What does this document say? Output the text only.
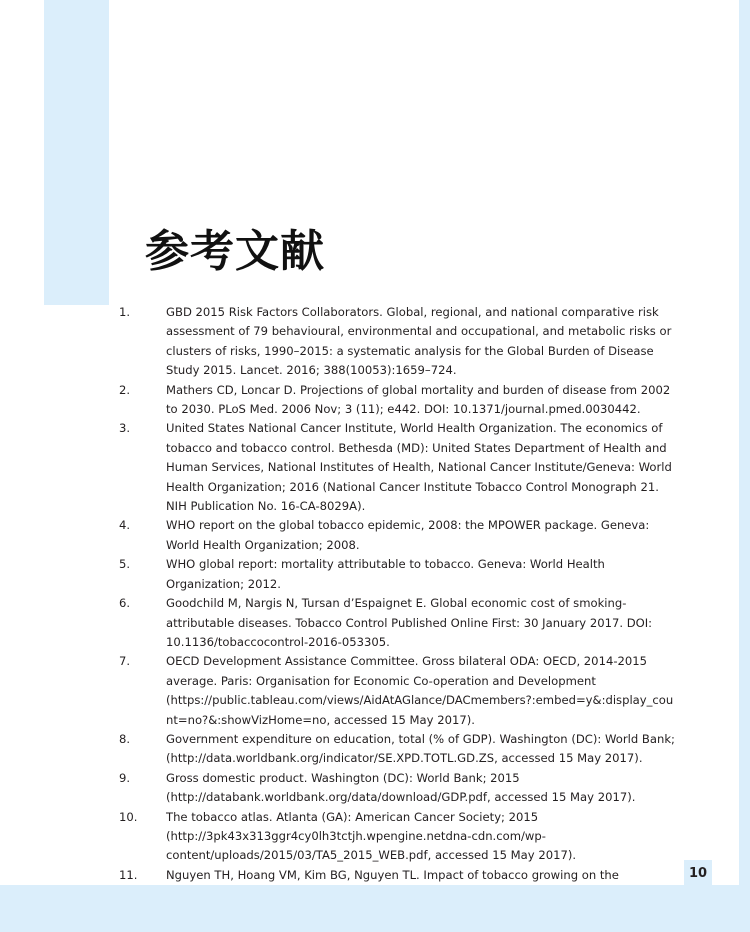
参考文献
1.	GBD 2015 Risk Factors Collaborators. Global, regional, and national comparative risk assessment of 79 behavioural, environmental and occupational, and metabolic risks or clusters of risks, 1990–2015: a systematic analysis for the Global Burden of Disease Study 2015. Lancet. 2016; 388(10053):1659–724.
2.	Mathers CD, Loncar D. Projections of global mortality and burden of disease from 2002 to 2030. PLoS Med. 2006 Nov; 3 (11); e442. DOI: 10.1371/journal.pmed.0030442.
3.	United States National Cancer Institute, World Health Organization. The economics of tobacco and tobacco control. Bethesda (MD): United States Department of Health and Human Services, National Institutes of Health, National Cancer Institute/Geneva: World Health Organization; 2016 (National Cancer Institute Tobacco Control Monograph 21. NIH Publication No. 16-CA-8029A).
4.	WHO report on the global tobacco epidemic, 2008: the MPOWER package. Geneva: World Health Organization; 2008.
5.	WHO global report: mortality attributable to tobacco. Geneva: World Health Organization; 2012.
6.	Goodchild M, Nargis N, Tursan d’Espaignet E. Global economic cost of smoking-attributable diseases. Tobacco Control Published Online First: 30 January 2017. DOI: 10.1136/tobaccocontrol-2016-053305.
7.	OECD Development Assistance Committee. Gross bilateral ODA: OECD, 2014-2015 average. Paris: Organisation for Economic Co-operation and Development (https://public.tableau.com/views/AidAtAGlance/DACmembers?:embed=y&:display_count=no?&:showVizHome=no, accessed 15 May 2017).
8.	Government expenditure on education, total (% of GDP). Washington (DC): World Bank; (http://data.worldbank.org/indicator/SE.XPD.TOTL.GD.ZS, accessed 15 May 2017).
9.	Gross domestic product. Washington (DC): World Bank; 2015 (http://databank.worldbank.org/data/download/GDP.pdf, accessed 15 May 2017).
10. The tobacco atlas. Atlanta (GA): American Cancer Society; 2015 (http://3pk43x313ggr4cy0lh3tctjh.wpengine.netdna-cdn.com/wp-content/uploads/2015/03/TA5_2015_WEB.pdf, accessed 15 May 2017).
11. Nguyen TH, Hoang VM, Kim BG, Nguyen TL. Impact of tobacco growing on the	10
